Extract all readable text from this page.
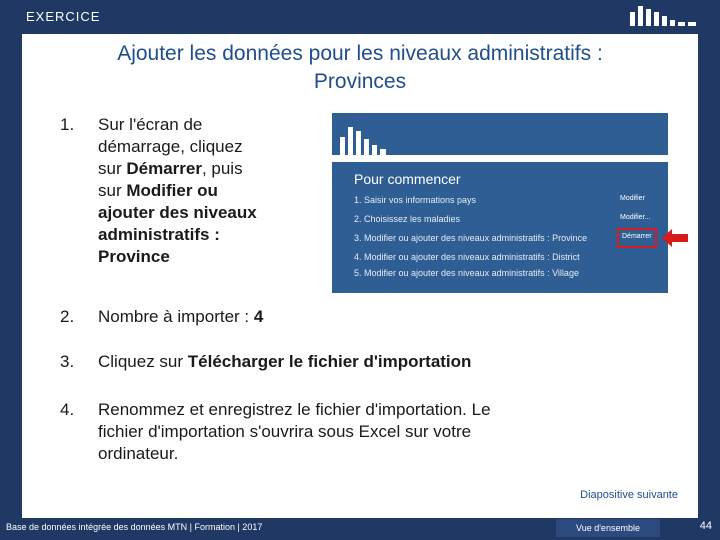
EXERCICE
Ajouter les données pour les niveaux administratifs :
Provinces
1. Sur l'écran de
démarrage, cliquez
sur Démarrer, puis
sur Modifier ou
ajouter des niveaux
administratifs :
Province
Pour commencer
1. Saisir vos informations pays	Modifier
2. Choisissez les maladies	Modifier...
3. Modifier ou ajouter des niveaux administratifs : Province	Démarrer
4. Modifier ou ajouter des niveaux administratifs : District
5. Modifier ou ajouter des niveaux administratifs : Village
2. Nombre à importer : 4
3. Cliquez sur Télécharger le fichier d'importation
4. Renommez et enregistrez le fichier d'importation. Le
fichier d'importation s'ouvrira sous Excel sur votre
ordinateur.
Diapositive suivante
Base de données intégrée des données MTN | Formation | 2017	Vue d'ensemble	44
